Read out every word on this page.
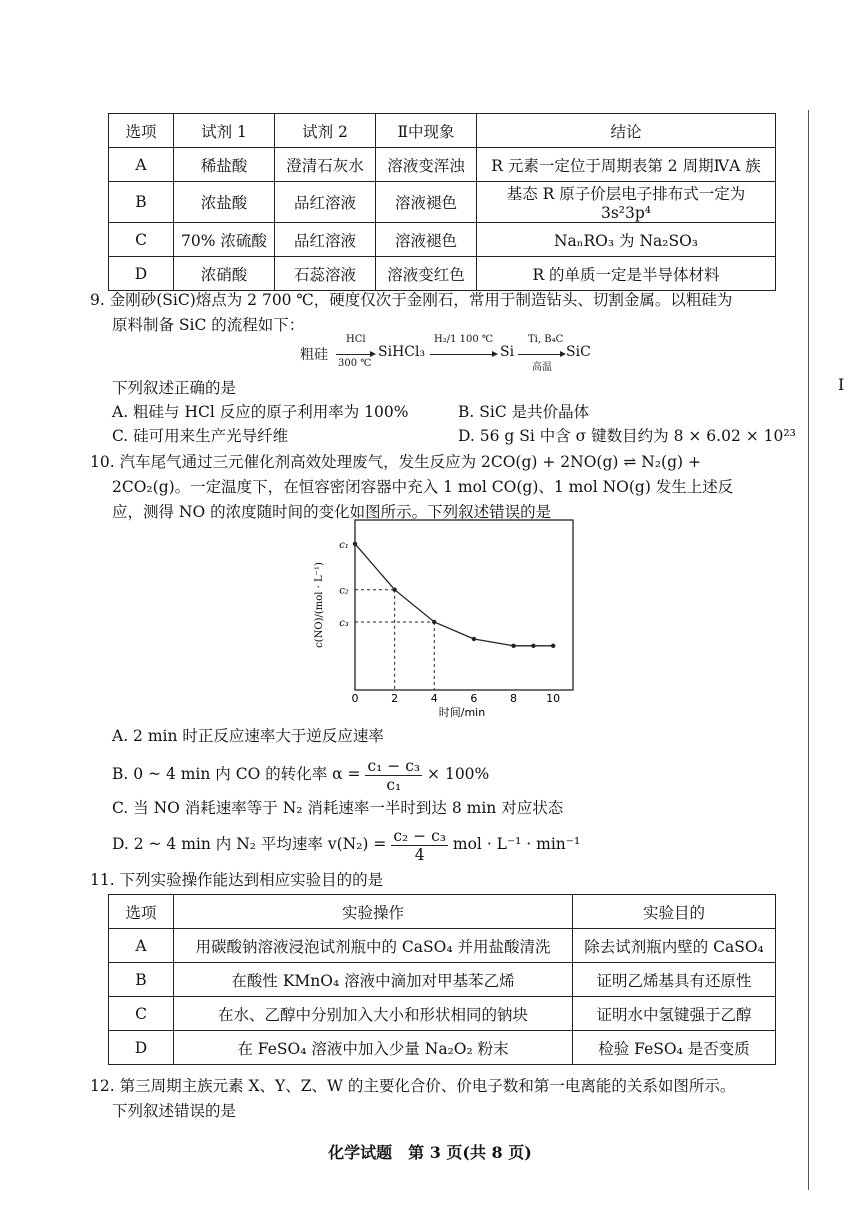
I
选项	试剂 1	试剂 2	Ⅱ中现象	结论
A	稀盐酸	澄清石灰水	溶液变浑浊	R 元素一定位于周期表第 2 周期ⅣA 族
B	浓盐酸	品红溶液	溶液褪色	基态 R 原子价层电子排布式一定为 3s²3p⁴
C	70% 浓硫酸	品红溶液	溶液褪色	NaₙRO₃ 为 Na₂SO₃
D	浓硝酸	石蕊溶液	溶液变红色	R 的单质一定是半导体材料
9. 金刚砂(SiC)熔点为 2 700 ℃，硬度仅次于金刚石，常用于制造钻头、切割金属。以粗硅为
原料制备 SiC 的流程如下：
粗硅
HCl
300 ℃
SiHCl₃
H₂/1 100 ℃
Si
Ti, B₄C
高温
SiC
下列叙述正确的是
A. 粗硅与 HCl 反应的原子利用率为 100%	B. SiC 是共价晶体
C. 硅可用来生产光导纤维	D. 56 g Si 中含 σ 键数目约为 8 × 6.02 × 10²³
10. 汽车尾气通过三元催化剂高效处理废气，发生反应为 2CO(g) + 2NO(g) ⇌ N₂(g) +
2CO₂(g)。一定温度下，在恒容密闭容器中充入 1 mol CO(g)、1 mol NO(g) 发生上述反
应，测得 NO 的浓度随时间的变化如图所示。下列叙述错误的是
0	2	4	6	8	10
c₁
c₂
c₃
时间/min
c(NO)/(mol · L⁻¹)
A. 2 min 时正反应速率大于逆反应速率
B. 0 ~ 4 min 内 CO 的转化率 $\alpha = \frac{\text{c₁ − c₃}}{\text{c₁}} \times 100\%$
C. 当 NO 消耗速率等于 N₂ 消耗速率一半时到达 8 min 对应状态
D. 2 ~ 4 min 内 N₂ 平均速率 $v(N_2) = \frac{\text{c₂ − c₃}}{4}$ mol · L⁻¹ · min⁻¹
11. 下列实验操作能达到相应实验目的的是
选项	实验操作	实验目的
A	用碳酸钠溶液浸泡试剂瓶中的 CaSO₄ 并用盐酸清洗	除去试剂瓶内壁的 CaSO₄
B	在酸性 KMnO₄ 溶液中滴加对甲基苯乙烯	证明乙烯基具有还原性
C	在水、乙醇中分别加入大小和形状相同的钠块	证明水中氢键强于乙醇
D	在 FeSO₄ 溶液中加入少量 Na₂O₂ 粉末	检验 FeSO₄ 是否变质
12. 第三周期主族元素 X、Y、Z、W 的主要化合价、价电子数和第一电离能的关系如图所示。
下列叙述错误的是
化学试题　第 3 页(共 8 页)
